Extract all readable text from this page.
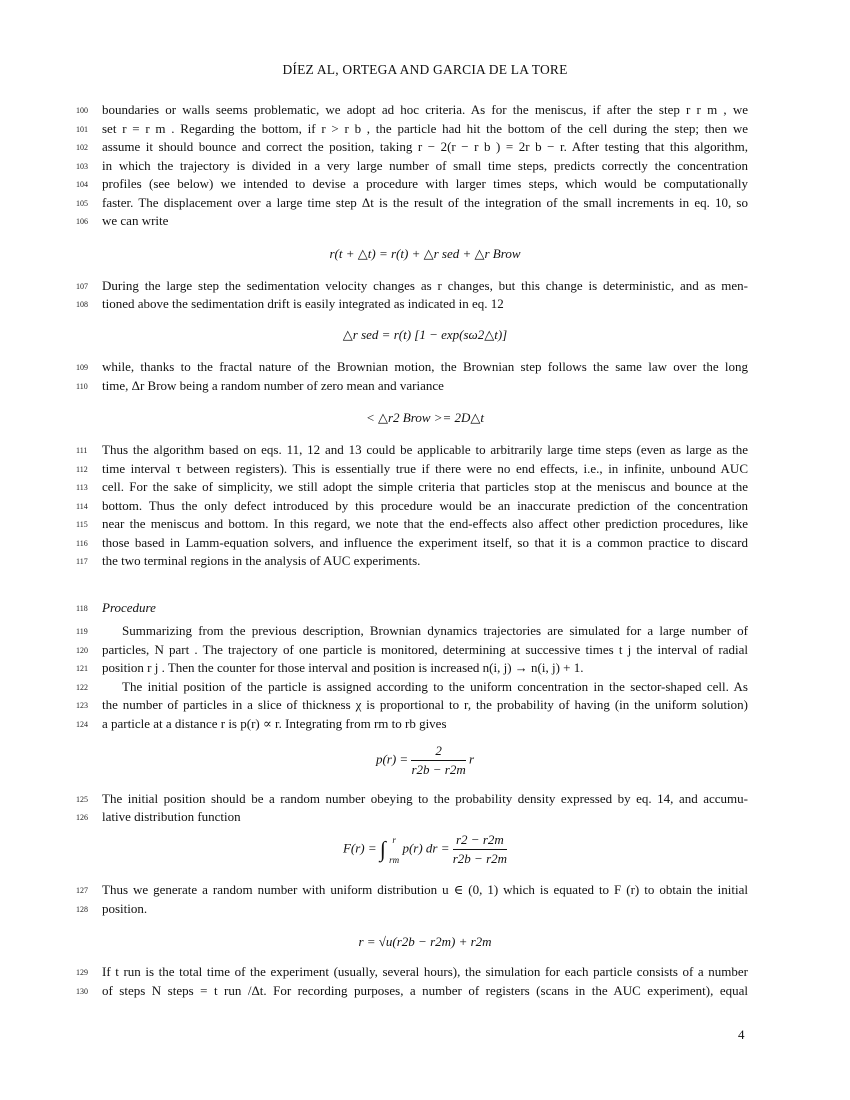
DÍEZ AL, ORTEGA AND GARCIA DE LA TORE
100
101
102
103
104
105
106
107
108
109
110
111
112
113
114
115
116
117
118
119
120
121
122
123
124
125
126
127
128
129
130
boundaries or walls seems problematic, we adopt ad hoc criteria. As for the meniscus, if after the step r r m , we
set r = r m . Regarding the bottom, if r > r b , the particle had hit the bottom of the cell during the step; then we
assume it should bounce and correct the position, taking r − 2(r − r b ) = 2r b − r. After testing that this algorithm,
in which the trajectory is divided in a very large number of small time steps, predicts correctly the concentration
profiles (see below) we intended to devise a procedure with larger times steps, which would be computationally
faster. The displacement over a large time step Δt is the result of the integration of the small increments in eq. 10, so
we can write
r(t + △t) = r(t) + △r sed + △r Brow
During the large step the sedimentation velocity changes as r changes, but this change is deterministic, and as men-
tioned above the sedimentation drift is easily integrated as indicated in eq. 12
△r sed = r(t) [1 − exp(sω2△t)]
while, thanks to the fractal nature of the Brownian motion, the Brownian step follows the same law over the long
time, Δr Brow being a random number of zero mean and variance
< △r2 Brow >= 2D△t
Thus the algorithm based on eqs. 11, 12 and 13 could be applicable to arbitrarily large time steps (even as large as the
time interval τ between registers). This is essentially true if there were no end effects, i.e., in infinite, unbound AUC
cell. For the sake of simplicity, we still adopt the simple criteria that particles stop at the meniscus and bounce at the
bottom. Thus the only defect introduced by this procedure would be an inaccurate prediction of the concentration
near the meniscus and bottom. In this regard, we note that the end-effects also affect other prediction procedures, like
those based in Lamm-equation solvers, and influence the experiment itself, so that it is a common practice to discard
the two terminal regions in the analysis of AUC experiments.
Procedure
Summarizing from the previous description, Brownian dynamics trajectories are simulated for a large number of
particles, N part . The trajectory of one particle is monitored, determining at successive times t j the interval of radial
position r j . Then the counter for those interval and position is increased n(i, j) → n(i, j) + 1.
The initial position of the particle is assigned according to the uniform concentration in the sector-shaped cell. As
the number of particles in a slice of thickness χ is proportional to r, the probability of having (in the uniform solution)
a particle at a distance r is p(r) ∝ r. Integrating from rm to rb gives
$p(r) = \frac{2}{r2b - r2m}$ r
The initial position should be a random number obeying to the probability density expressed by eq. 14, and accumu-
lative distribution function
F(r) = ∫ r
rm
p(r) dr = $\frac{r2 - r2m}{r2b - r2m}$
Thus we generate a random number with uniform distribution u ∈ (0, 1) which is equated to F (r) to obtain the initial
position.
r = √u(r2b − r2m) + r2m
If t run is the total time of the experiment (usually, several hours), the simulation for each particle consists of a number
of steps N steps = t run /Δt. For recording purposes, a number of registers (scans in the AUC experiment), equal
4
